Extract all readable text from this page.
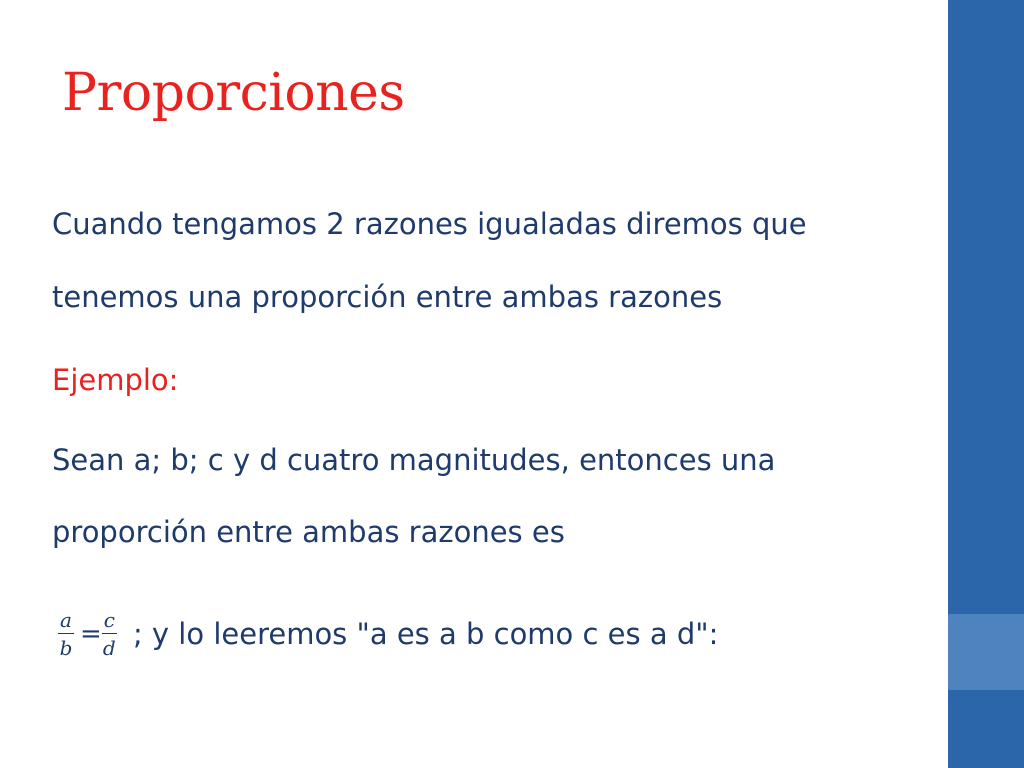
Proporciones

Cuando tengamos 2 razones igualadas diremos que

tenemos una proporción entre ambas razones

Ejemplo:

Sean a; b; c y d cuatro magnitudes, entonces una

proporción entre ambas razones es

$\frac{a}{b} = \frac{c}{d}$ ; y lo leeremos "a es a b como c es a d":
